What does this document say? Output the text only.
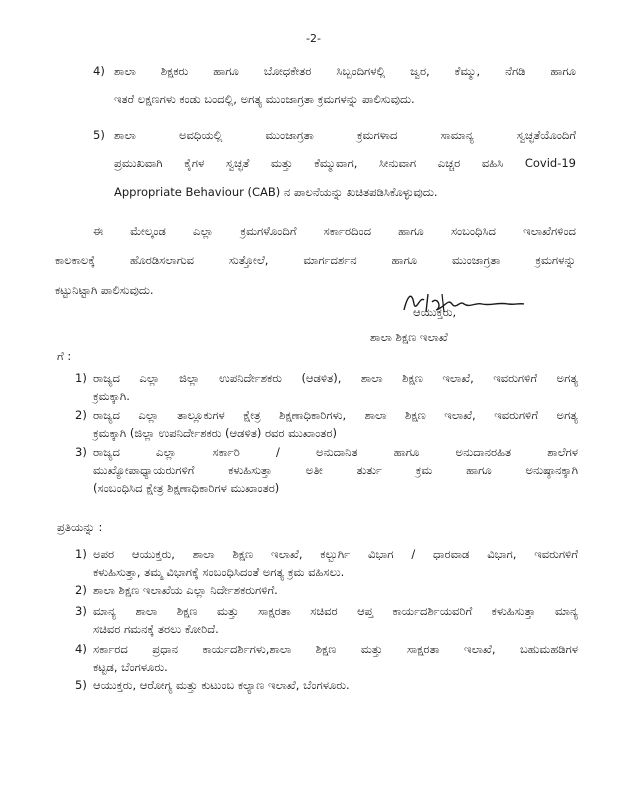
-2-
4) ಶಾಲಾ ಶಿಕ್ಷಕರು ಹಾಗೂ ಬೋಧಕೇತರ ಸಿಬ್ಬಂದಿಗಳಲ್ಲಿ ಜ್ವರ, ಕೆಮ್ಮು, ನೆಗಡಿ ಹಾಗೂ
ಇತರೆ ಲಕ್ಷಣಗಳು ಕಂಡು ಬಂದಲ್ಲಿ, ಅಗತ್ಯ ಮುಂಜಾಗ್ರತಾ ಕ್ರಮಗಳನ್ನು ಪಾಲಿಸುವುದು.
5) ಶಾಲಾ ಅವಧಿಯಲ್ಲಿ ಮುಂಜಾಗ್ರತಾ ಕ್ರಮಗಳಾದ ಸಾಮಾನ್ಯ ಸ್ವಚ್ಛತೆಯೊಂದಿಗೆ
ಪ್ರಮುಖವಾಗಿ ಕೈಗಳ ಸ್ವಚ್ಛತೆ ಮತ್ತು ಕೆಮ್ಮುವಾಗ, ಸೀನುವಾಗ ಎಚ್ಚರ ವಹಿಸಿ Covid-19
Appropriate Behaviour (CAB) ನ ಪಾಲನೆಯನ್ನು ಖಚಿತಪಡಿಸಿಕೊಳ್ಳುವುದು.
ಈ ಮೇಲ್ಕಂಡ ಎಲ್ಲಾ ಕ್ರಮಗಳೊಂದಿಗೆ ಸರ್ಕಾರದಿಂದ ಹಾಗೂ ಸಂಬಂಧಿಸಿದ ಇಲಾಖೆಗಳಿಂದ
ಕಾಲಕಾಲಕ್ಕೆ ಹೊರಡಿಸಲಾಗುವ ಸುತ್ತೋಲೆ, ಮಾರ್ಗದರ್ಶನ ಹಾಗೂ ಮುಂಜಾಗ್ರತಾ ಕ್ರಮಗಳನ್ನು
ಕಟ್ಟುನಿಟ್ಟಾಗಿ ಪಾಲಿಸುವುದು.
ಆಯುಕ್ತರು,
ಶಾಲಾ ಶಿಕ್ಷಣ ಇಲಾಖೆ
ಗೆ :
1) ರಾಜ್ಯದ ಎಲ್ಲಾ ಜಿಲ್ಲಾ ಉಪನಿರ್ದೇಶಕರು (ಆಡಳಿತ), ಶಾಲಾ ಶಿಕ್ಷಣ ಇಲಾಖೆ, ಇವರುಗಳಿಗೆ ಅಗತ್ಯ
ಕ್ರಮಕ್ಕಾಗಿ.
2) ರಾಜ್ಯದ ಎಲ್ಲಾ ತಾಲ್ಲೂಕುಗಳ ಕ್ಷೇತ್ರ ಶಿಕ್ಷಣಾಧಿಕಾರಿಗಳು, ಶಾಲಾ ಶಿಕ್ಷಣ ಇಲಾಖೆ, ಇವರುಗಳಿಗೆ ಅಗತ್ಯ
ಕ್ರಮಕ್ಕಾಗಿ (ಜಿಲ್ಲಾ ಉಪನಿರ್ದೇಶಕರು (ಆಡಳಿತ) ರವರ ಮುಖಾಂತರ)
3) ರಾಜ್ಯದ ಎಲ್ಲಾ ಸರ್ಕಾರಿ / ಅನುದಾನಿತ ಹಾಗೂ ಅನುದಾನರಹಿತ ಶಾಲೆಗಳ
ಮುಖ್ಯೋಪಾಧ್ಯಾಯರುಗಳಿಗೆ ಕಳುಹಿಸುತ್ತಾ ಅತೀ ತುರ್ತು ಕ್ರಮ ಹಾಗೂ ಅನುಷ್ಠಾನಕ್ಕಾಗಿ
(ಸಂಬಂಧಿಸಿದ ಕ್ಷೇತ್ರ ಶಿಕ್ಷಣಾಧಿಕಾರಿಗಳ ಮುಖಾಂತರ)
ಪ್ರತಿಯನ್ನು :
1) ಅಪರ ಆಯುಕ್ತರು, ಶಾಲಾ ಶಿಕ್ಷಣ ಇಲಾಖೆ, ಕಲ್ಬುರ್ಗಿ ವಿಭಾಗ / ಧಾರವಾಡ ವಿಭಾಗ, ಇವರುಗಳಿಗೆ
ಕಳುಹಿಸುತ್ತಾ, ತಮ್ಮ ವಿಭಾಗಕ್ಕೆ ಸಂಬಂಧಿಸಿದಂತೆ ಅಗತ್ಯ ಕ್ರಮ ವಹಿಸಲು.
2) ಶಾಲಾ ಶಿಕ್ಷಣ ಇಲಾಖೆಯ ಎಲ್ಲಾ ನಿರ್ದೇಶಕರುಗಳಿಗೆ.
3) ಮಾನ್ಯ ಶಾಲಾ ಶಿಕ್ಷಣ ಮತ್ತು ಸಾಕ್ಷರತಾ ಸಚಿವರ ಆಪ್ತ ಕಾರ್ಯದರ್ಶಿಯವರಿಗೆ ಕಳುಹಿಸುತ್ತಾ ಮಾನ್ಯ
ಸಚಿವರ ಗಮನಕ್ಕೆ ತರಲು ಕೋರಿದೆ.
4) ಸರ್ಕಾರದ ಪ್ರಧಾನ ಕಾರ್ಯದರ್ಶಿಗಳು,ಶಾಲಾ ಶಿಕ್ಷಣ ಮತ್ತು ಸಾಕ್ಷರತಾ ಇಲಾಖೆ, ಬಹುಮಹಡಿಗಳ
ಕಟ್ಟಡ, ಬೆಂಗಳೂರು.
5) ಆಯುಕ್ತರು, ಆರೋಗ್ಯ ಮತ್ತು ಕುಟುಂಬ ಕಲ್ಯಾಣ ಇಲಾಖೆ, ಬೆಂಗಳೂರು.
